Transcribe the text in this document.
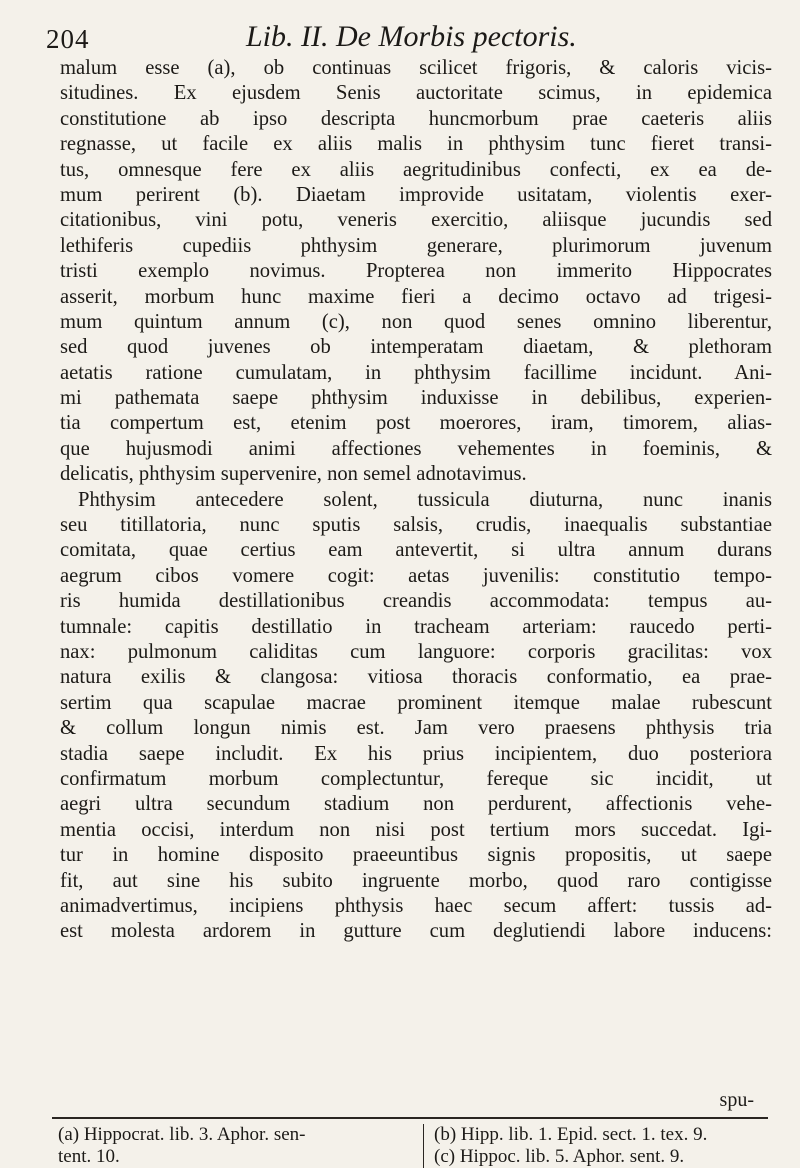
204	Lib. II. De Morbis pectoris.
malum esse (a), ob continuas scilicet frigoris, & caloris vicis-
situdines. Ex ejusdem Senis auctoritate scimus, in epidemica
constitutione ab ipso descripta huncmorbum prae caeteris aliis
regnasse, ut facile ex aliis malis in phthysim tunc fieret transi-
tus, omnesque fere ex aliis aegritudinibus confecti, ex ea de-
mum perirent (b). Diaetam improvide usitatam, violentis exer-
citationibus, vini potu, veneris exercitio, aliisque jucundis sed
lethiferis cupediis phthysim generare, plurimorum juvenum
tristi exemplo novimus. Propterea non immerito Hippocrates
asserit, morbum hunc maxime fieri a decimo octavo ad trigesi-
mum quintum annum (c), non quod senes omnino liberentur,
sed quod juvenes ob intemperatam diaetam, & plethoram
aetatis ratione cumulatam, in phthysim facillime incidunt. Ani-
mi pathemata saepe phthysim induxisse in debilibus, experien-
tia compertum est, etenim post moerores, iram, timorem, alias-
que hujusmodi animi affectiones vehementes in foeminis, &
delicatis, phthysim supervenire, non semel adnotavimus.
Phthysim antecedere solent, tussicula diuturna, nunc inanis
seu titillatoria, nunc sputis salsis, crudis, inaequalis substantiae
comitata, quae certius eam antevertit, si ultra annum durans
aegrum cibos vomere cogit: aetas juvenilis: constitutio tempo-
ris humida destillationibus creandis accommodata: tempus au-
tumnale: capitis destillatio in tracheam arteriam: raucedo perti-
nax: pulmonum caliditas cum languore: corporis gracilitas: vox
natura exilis & clangosa: vitiosa thoracis conformatio, ea prae-
sertim qua scapulae macrae prominent itemque malae rubescunt
& collum longun nimis est. Jam vero praesens phthysis tria
stadia saepe includit. Ex his prius incipientem, duo posteriora
confirmatum morbum complectuntur, fereque sic incidit, ut
aegri ultra secundum stadium non perdurent, affectionis vehe-
mentia occisi, interdum non nisi post tertium mors succedat. Igi-
tur in homine disposito praeeuntibus signis propositis, ut saepe
fit, aut sine his subito ingruente morbo, quod raro contigisse
animadvertimus, incipiens phthysis haec secum affert: tussis ad-
est molesta ardorem in gutture cum deglutiendi labore inducens:

spu-

(a) Hippocrat. lib. 3. Aphor. sen-
tent. 10.
(b) Hipp. lib. 1. Epid. sect. 1. tex. 9.
(c) Hippoc. lib. 5. Aphor. sent. 9.
